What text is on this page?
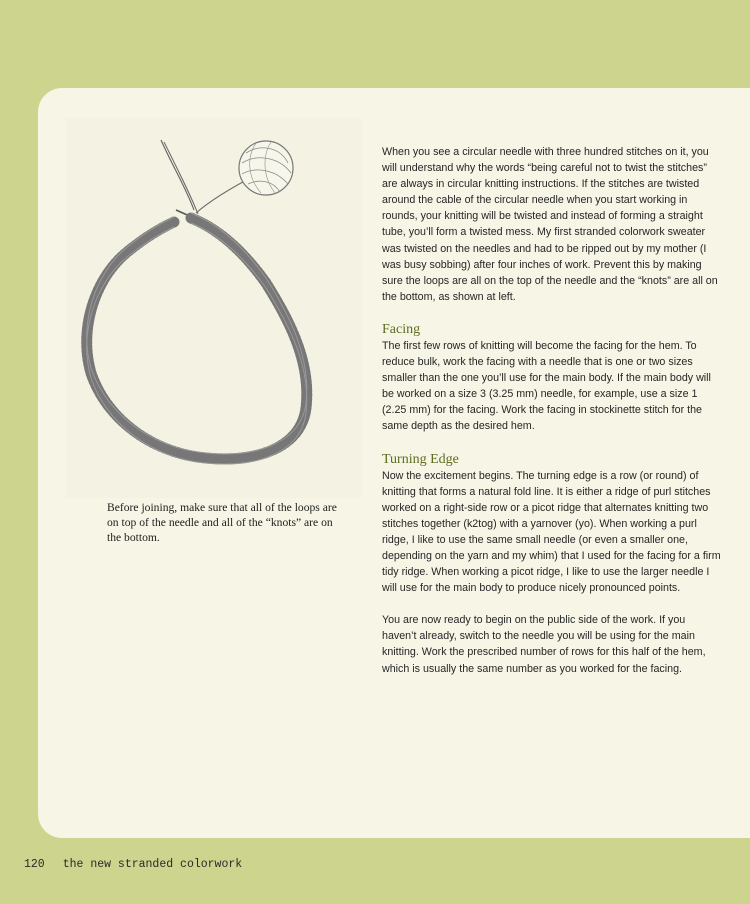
Before joining, make sure that all of the loops are on top of the needle and all of the “knots” are on the bottom.

When you see a circular needle with three hundred stitches on it, you will understand why the words “being careful not to twist the stitches” are always in circular knitting instructions. If the stitches are twisted around the cable of the circular needle when you start working in rounds, your knitting will be twisted and instead of forming a straight tube, you’ll form a twisted mess. My first stranded colorwork sweater was twisted on the needles and had to be ripped out by my mother (I was busy sobbing) after four inches of work. Prevent this by making sure the loops are all on the top of the needle and the “knots” are all on the bottom, as shown at left.

Facing

The first few rows of knitting will become the facing for the hem. To reduce bulk, work the facing with a needle that is one or two sizes smaller than the one you’ll use for the main body. If the main body will be worked on a size 3 (3.25 mm) needle, for example, use a size 1 (2.25 mm) for the facing. Work the facing in stockinette stitch for the same depth as the desired hem.

Turning Edge

Now the excitement begins. The turning edge is a row (or round) of knitting that forms a natural fold line. It is either a ridge of purl stitches worked on a right-side row or a picot ridge that alternates knitting two stitches together (k2tog) with a yarnover (yo). When working a purl ridge, I like to use the same small needle (or even a smaller one, depending on the yarn and my whim) that I used for the facing for a firm tidy ridge. When working a picot ridge, I like to use the larger needle I will use for the main body to produce nicely pronounced points.

You are now ready to begin on the public side of the work. If you haven’t already, switch to the needle you will be using for the main knitting. Work the prescribed number of rows for this half of the hem, which is usually the same number as you worked for the facing.

120 the new stranded colorwork
